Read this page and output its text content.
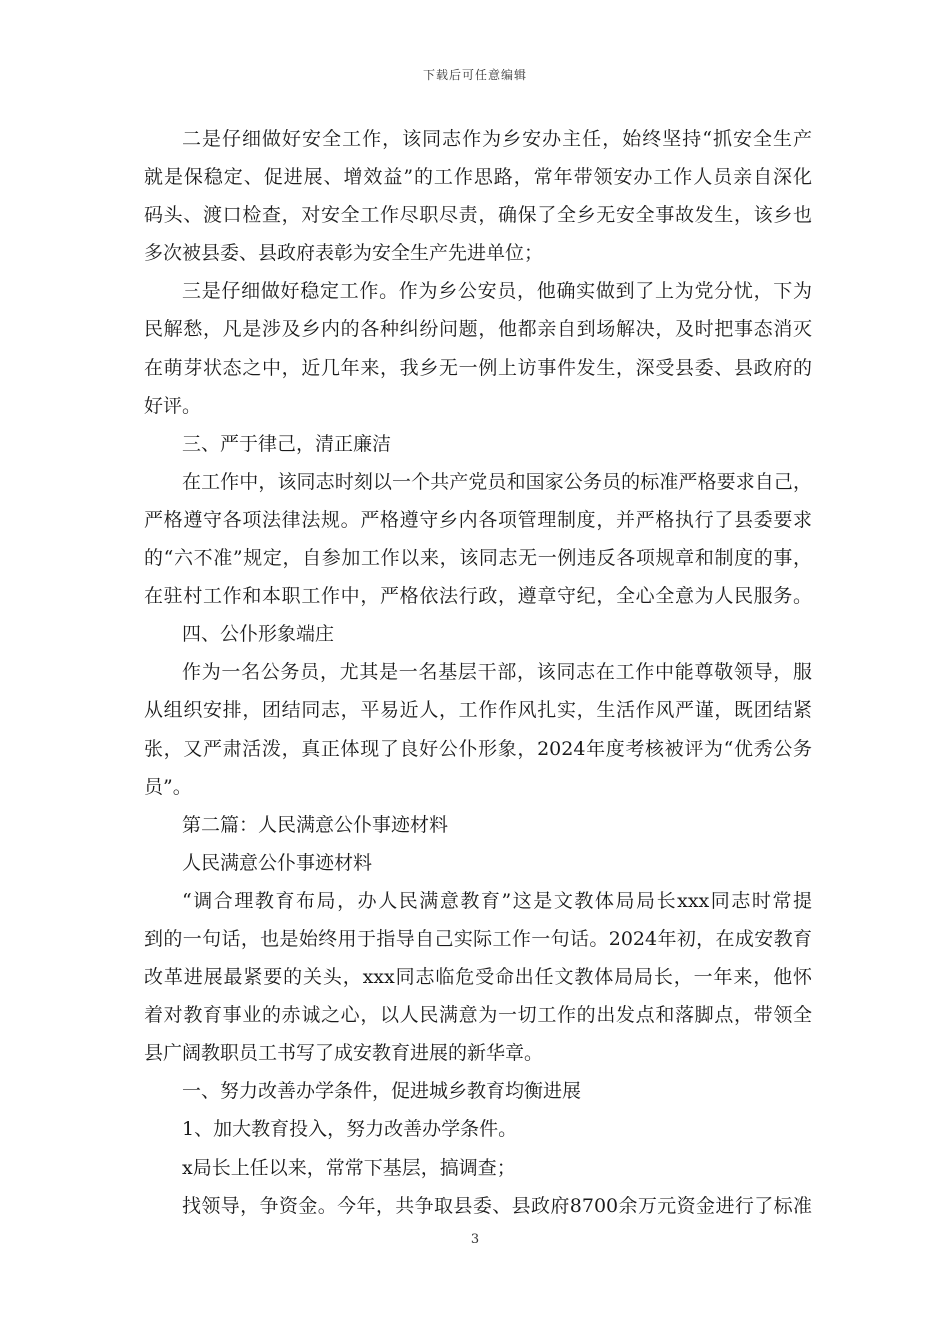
下载后可任意编辑
二是仔细做好安全工作，该同志作为乡安办主任，始终坚持“抓安全生产
就是保稳定、促进展、增效益”的工作思路，常年带领安办工作人员亲自深化
码头、渡口检查，对安全工作尽职尽责，确保了全乡无安全事故发生，该乡也
多次被县委、县政府表彰为安全生产先进单位；
三是仔细做好稳定工作。作为乡公安员，他确实做到了上为党分忧，下为
民解愁，凡是涉及乡内的各种纠纷问题，他都亲自到场解决，及时把事态消灭
在萌芽状态之中，近几年来，我乡无一例上访事件发生，深受县委、县政府的
好评。
三、严于律己，清正廉洁
在工作中，该同志时刻以一个共产党员和国家公务员的标准严格要求自己，
严格遵守各项法律法规。严格遵守乡内各项管理制度，并严格执行了县委要求
的“六不准”规定，自参加工作以来，该同志无一例违反各项规章和制度的事，
在驻村工作和本职工作中，严格依法行政，遵章守纪，全心全意为人民服务。
四、公仆形象端庄
作为一名公务员，尤其是一名基层干部，该同志在工作中能尊敬领导，服
从组织安排，团结同志，平易近人，工作作风扎实，生活作风严谨，既团结紧
张，又严肃活泼，真正体现了良好公仆形象，2024年度考核被评为“优秀公务
员”。
第二篇：人民满意公仆事迹材料
人民满意公仆事迹材料
“调合理教育布局，办人民满意教育”这是文教体局局长xxx同志时常提
到的一句话，也是始终用于指导自己实际工作一句话。2024年初，在成安教育
改革进展最紧要的关头，xxx同志临危受命出任文教体局局长，一年来，他怀
着对教育事业的赤诚之心，以人民满意为一切工作的出发点和落脚点，带领全
县广阔教职员工书写了成安教育进展的新华章。
一、努力改善办学条件，促进城乡教育均衡进展
1、加大教育投入，努力改善办学条件。
x局长上任以来，常常下基层，搞调查；
找领导，争资金。今年，共争取县委、县政府8700余万元资金进行了标准
3
